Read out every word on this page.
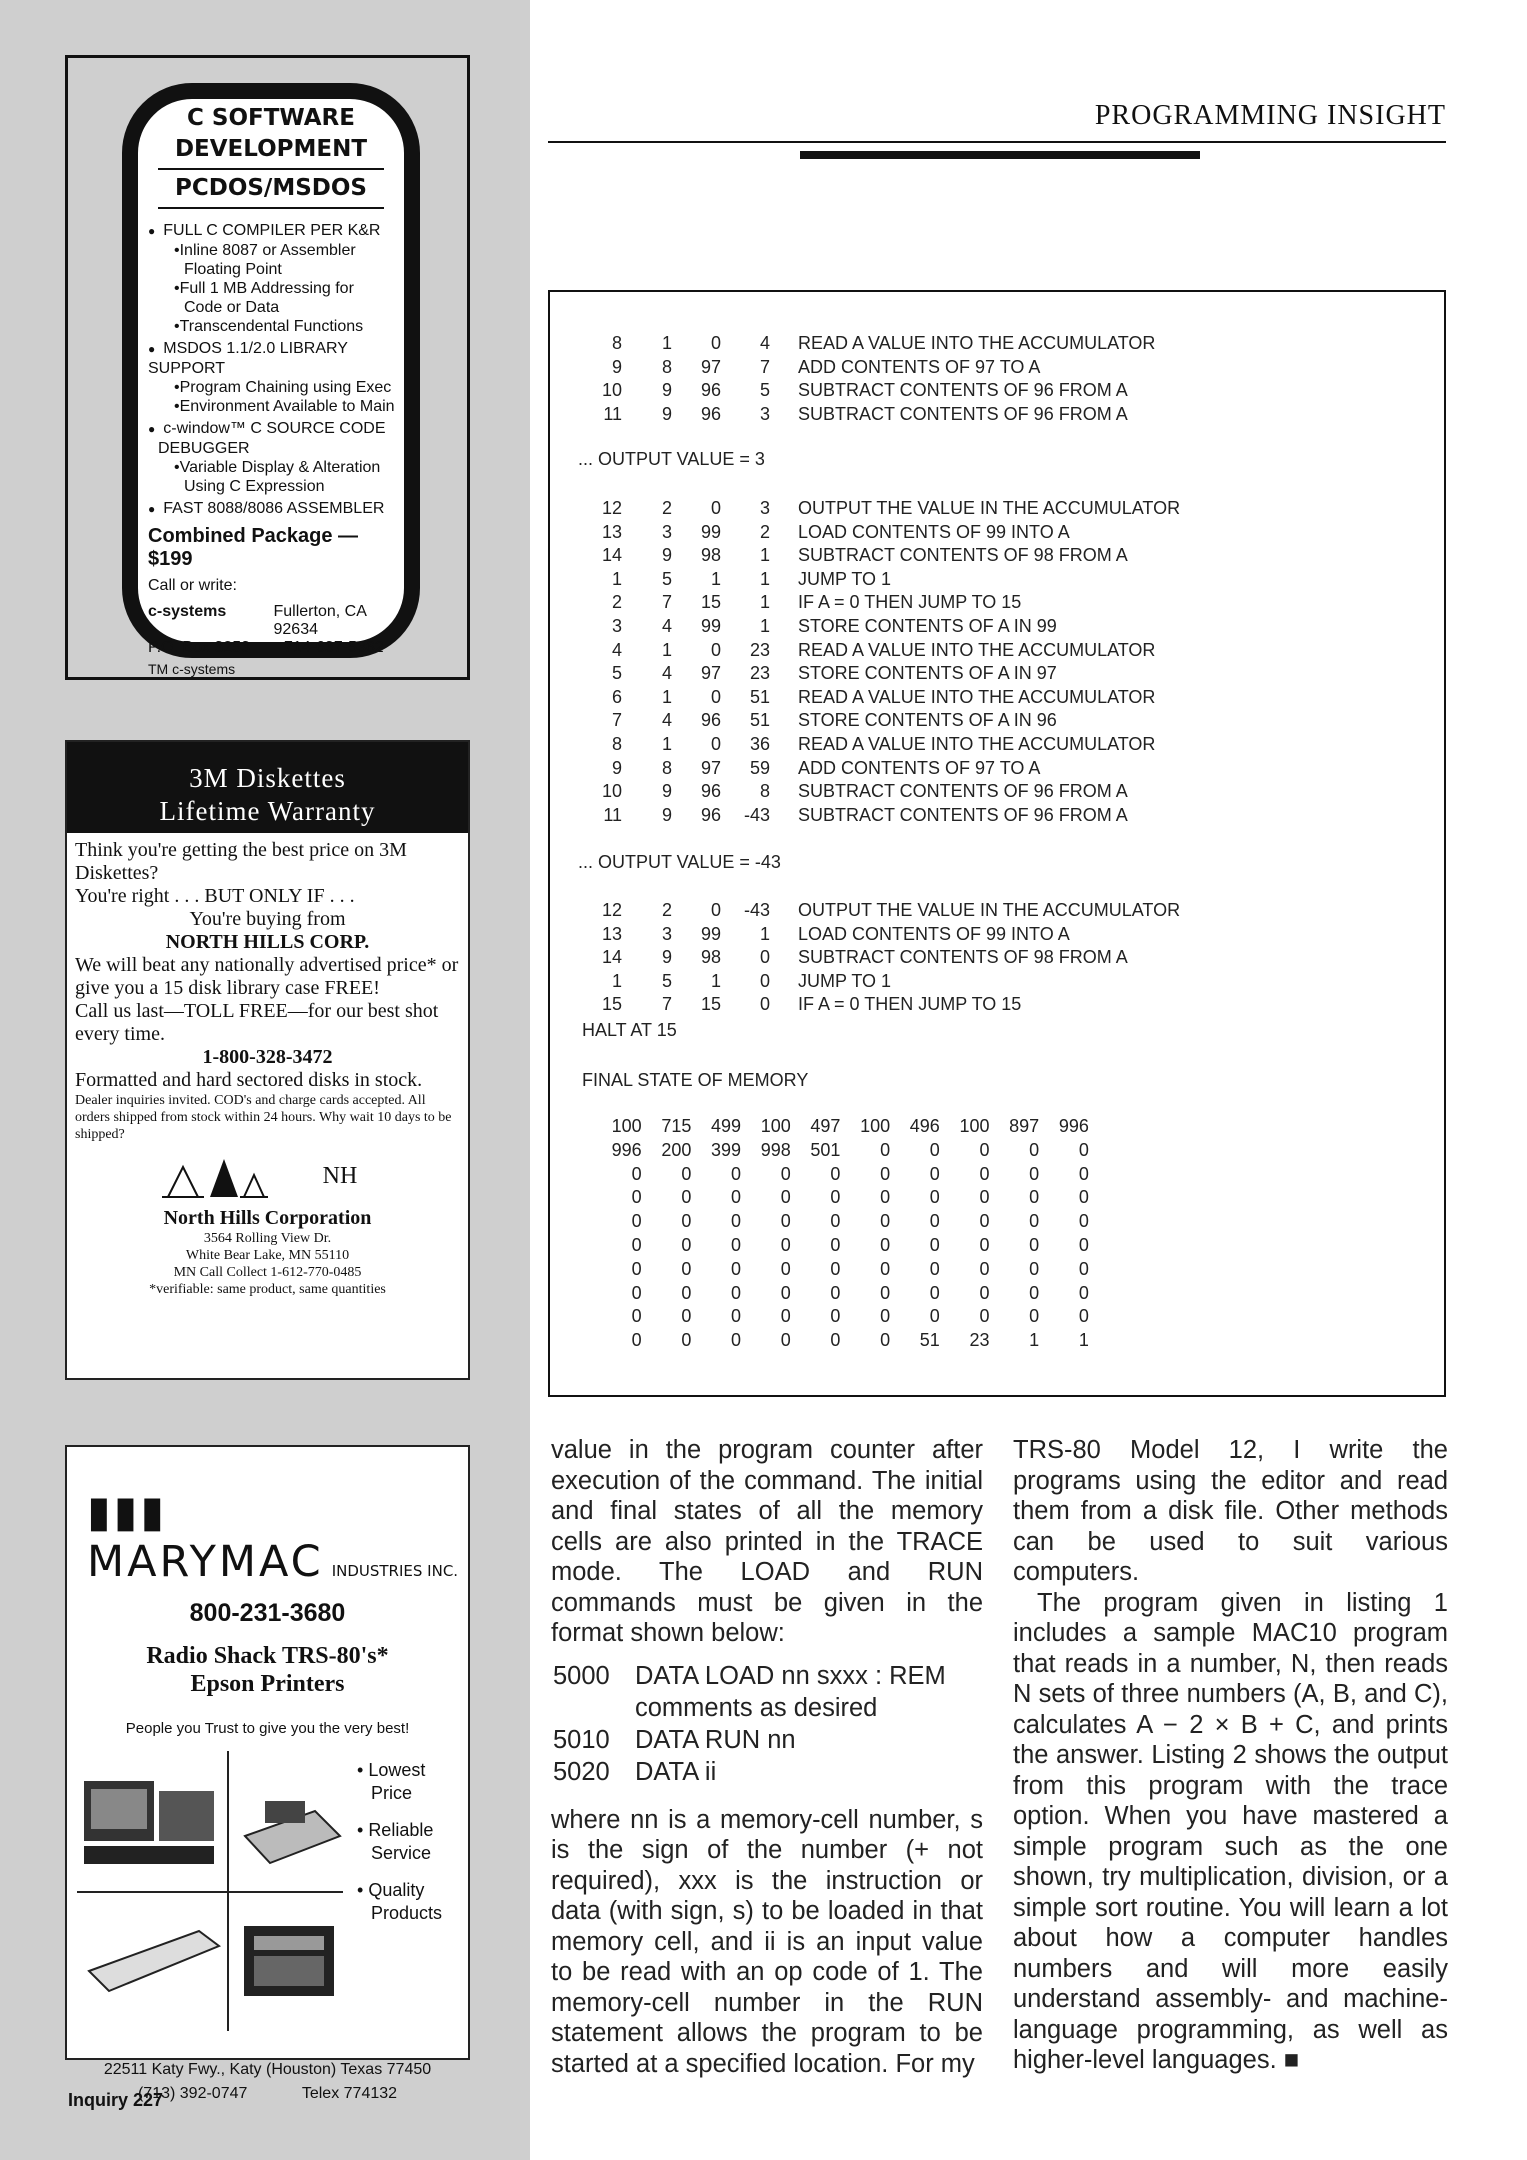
C SOFTWARE
DEVELOPMENT
PCDOS/MSDOS
● FULL C COMPILER PER K&R
• Inline 8087 or Assembler
Floating Point
• Full 1 MB Addressing for
Code or Data
• Transcendental Functions
● MSDOS 1.1/2.0 LIBRARY SUPPORT
• Program Chaining using Exec
• Environment Available to Main
● c-window™ C SOURCE CODE
DEBUGGER
• Variable Display & Alteration
Using C Expression
● FAST 8088/8086 ASSEMBLER
Combined Package — $199
Call or write:
c-systems	Fullerton, CA 92634
P.O. Box 3253	714-637-5362
TM c-systems
3M Diskettes
Lifetime Warranty
Think you're getting the best price on 3M Diskettes?
You're right . . . BUT ONLY IF . . .
You're buying from
NORTH HILLS CORP.
We will beat any nationally advertised price* or give you a 15 disk library case FREE!
Call us last—TOLL FREE—for our best shot every time.
1-800-328-3472
Formatted and hard sectored disks in stock.
Dealer inquiries invited. COD's and charge cards accepted. All orders shipped from stock within 24 hours. Why wait 10 days to be shipped?
NH
North Hills Corporation
3564 Rolling View Dr.
White Bear Lake, MN 55110
MN Call Collect 1-612-770-0485
*verifiable: same product, same quantities
▮▮▮ MARYMAC INDUSTRIES INC.
800-231-3680
Radio Shack TRS-80's*
Epson Printers
People you Trust to give you the very best!
• Lowest
Price
• Reliable
Service
• Quality
Products
22511 Katy Fwy., Katy (Houston) Texas 77450
(713) 392-0747	Telex 774132
Inquiry 227
PROGRAMMING INSIGHT
8	1	0	4	READ A VALUE INTO THE ACCUMULATOR
9	8	97	7	ADD CONTENTS OF 97 TO A
10	9	96	5	SUBTRACT CONTENTS OF 96 FROM A
11	9	96	3	SUBTRACT CONTENTS OF 96 FROM A
... OUTPUT VALUE = 3
12	2	0	3	OUTPUT THE VALUE IN THE ACCUMULATOR
13	3	99	2	LOAD CONTENTS OF 99 INTO A
14	9	98	1	SUBTRACT CONTENTS OF 98 FROM A
1	5	1	1	JUMP TO 1
2	7	15	1	IF A = 0 THEN JUMP TO 15
3	4	99	1	STORE CONTENTS OF A IN 99
4	1	0	23	READ A VALUE INTO THE ACCUMULATOR
5	4	97	23	STORE CONTENTS OF A IN 97
6	1	0	51	READ A VALUE INTO THE ACCUMULATOR
7	4	96	51	STORE CONTENTS OF A IN 96
8	1	0	36	READ A VALUE INTO THE ACCUMULATOR
9	8	97	59	ADD CONTENTS OF 97 TO A
10	9	96	8	SUBTRACT CONTENTS OF 96 FROM A
11	9	96	-43	SUBTRACT CONTENTS OF 96 FROM A
... OUTPUT VALUE = -43
12	2	0	-43	OUTPUT THE VALUE IN THE ACCUMULATOR
13	3	99	1	LOAD CONTENTS OF 99 INTO A
14	9	98	0	SUBTRACT CONTENTS OF 98 FROM A
1	5	1	0	JUMP TO 1
15	7	15	0	IF A = 0 THEN JUMP TO 15
HALT AT 15
FINAL STATE OF MEMORY
100	715	499	100	497	100	496	100	897	996
996	200	399	998	501	0	0	0	0	0
0	0	0	0	0	0	0	0	0	0
0	0	0	0	0	0	0	0	0	0
0	0	0	0	0	0	0	0	0	0
0	0	0	0	0	0	0	0	0	0
0	0	0	0	0	0	0	0	0	0
0	0	0	0	0	0	0	0	0	0
0	0	0	0	0	0	0	0	0	0
0	0	0	0	0	0	51	23	1	1
value in the program counter after execution of the command. The initial and final states of all the memory cells are also printed in the TRACE mode. The LOAD and RUN commands must be given in the format shown below:
5000	DATA LOAD nn sxxx : REM
	comments as desired
5010	DATA RUN nn
5020	DATA ii
where nn is a memory-cell number, s is the sign of the number (+ not required), xxx is the instruction or data (with sign, s) to be loaded in that memory cell, and ii is an input value to be read with an op code of 1. The memory-cell number in the RUN statement allows the program to be started at a specified location. For my
TRS-80 Model 12, I write the programs using the editor and read them from a disk file. Other methods can be used to suit various computers.
The program given in listing 1 includes a sample MAC10 program that reads in a number, N, then reads N sets of three numbers (A, B, and C), calculates A − 2 × B + C, and prints the answer. Listing 2 shows the output from this program with the trace option. When you have mastered a simple program such as the one shown, try multiplication, division, or a simple sort routine. You will learn a lot about how a computer handles numbers and will more easily understand assembly- and machine-language programming, as well as higher-level languages. ■
